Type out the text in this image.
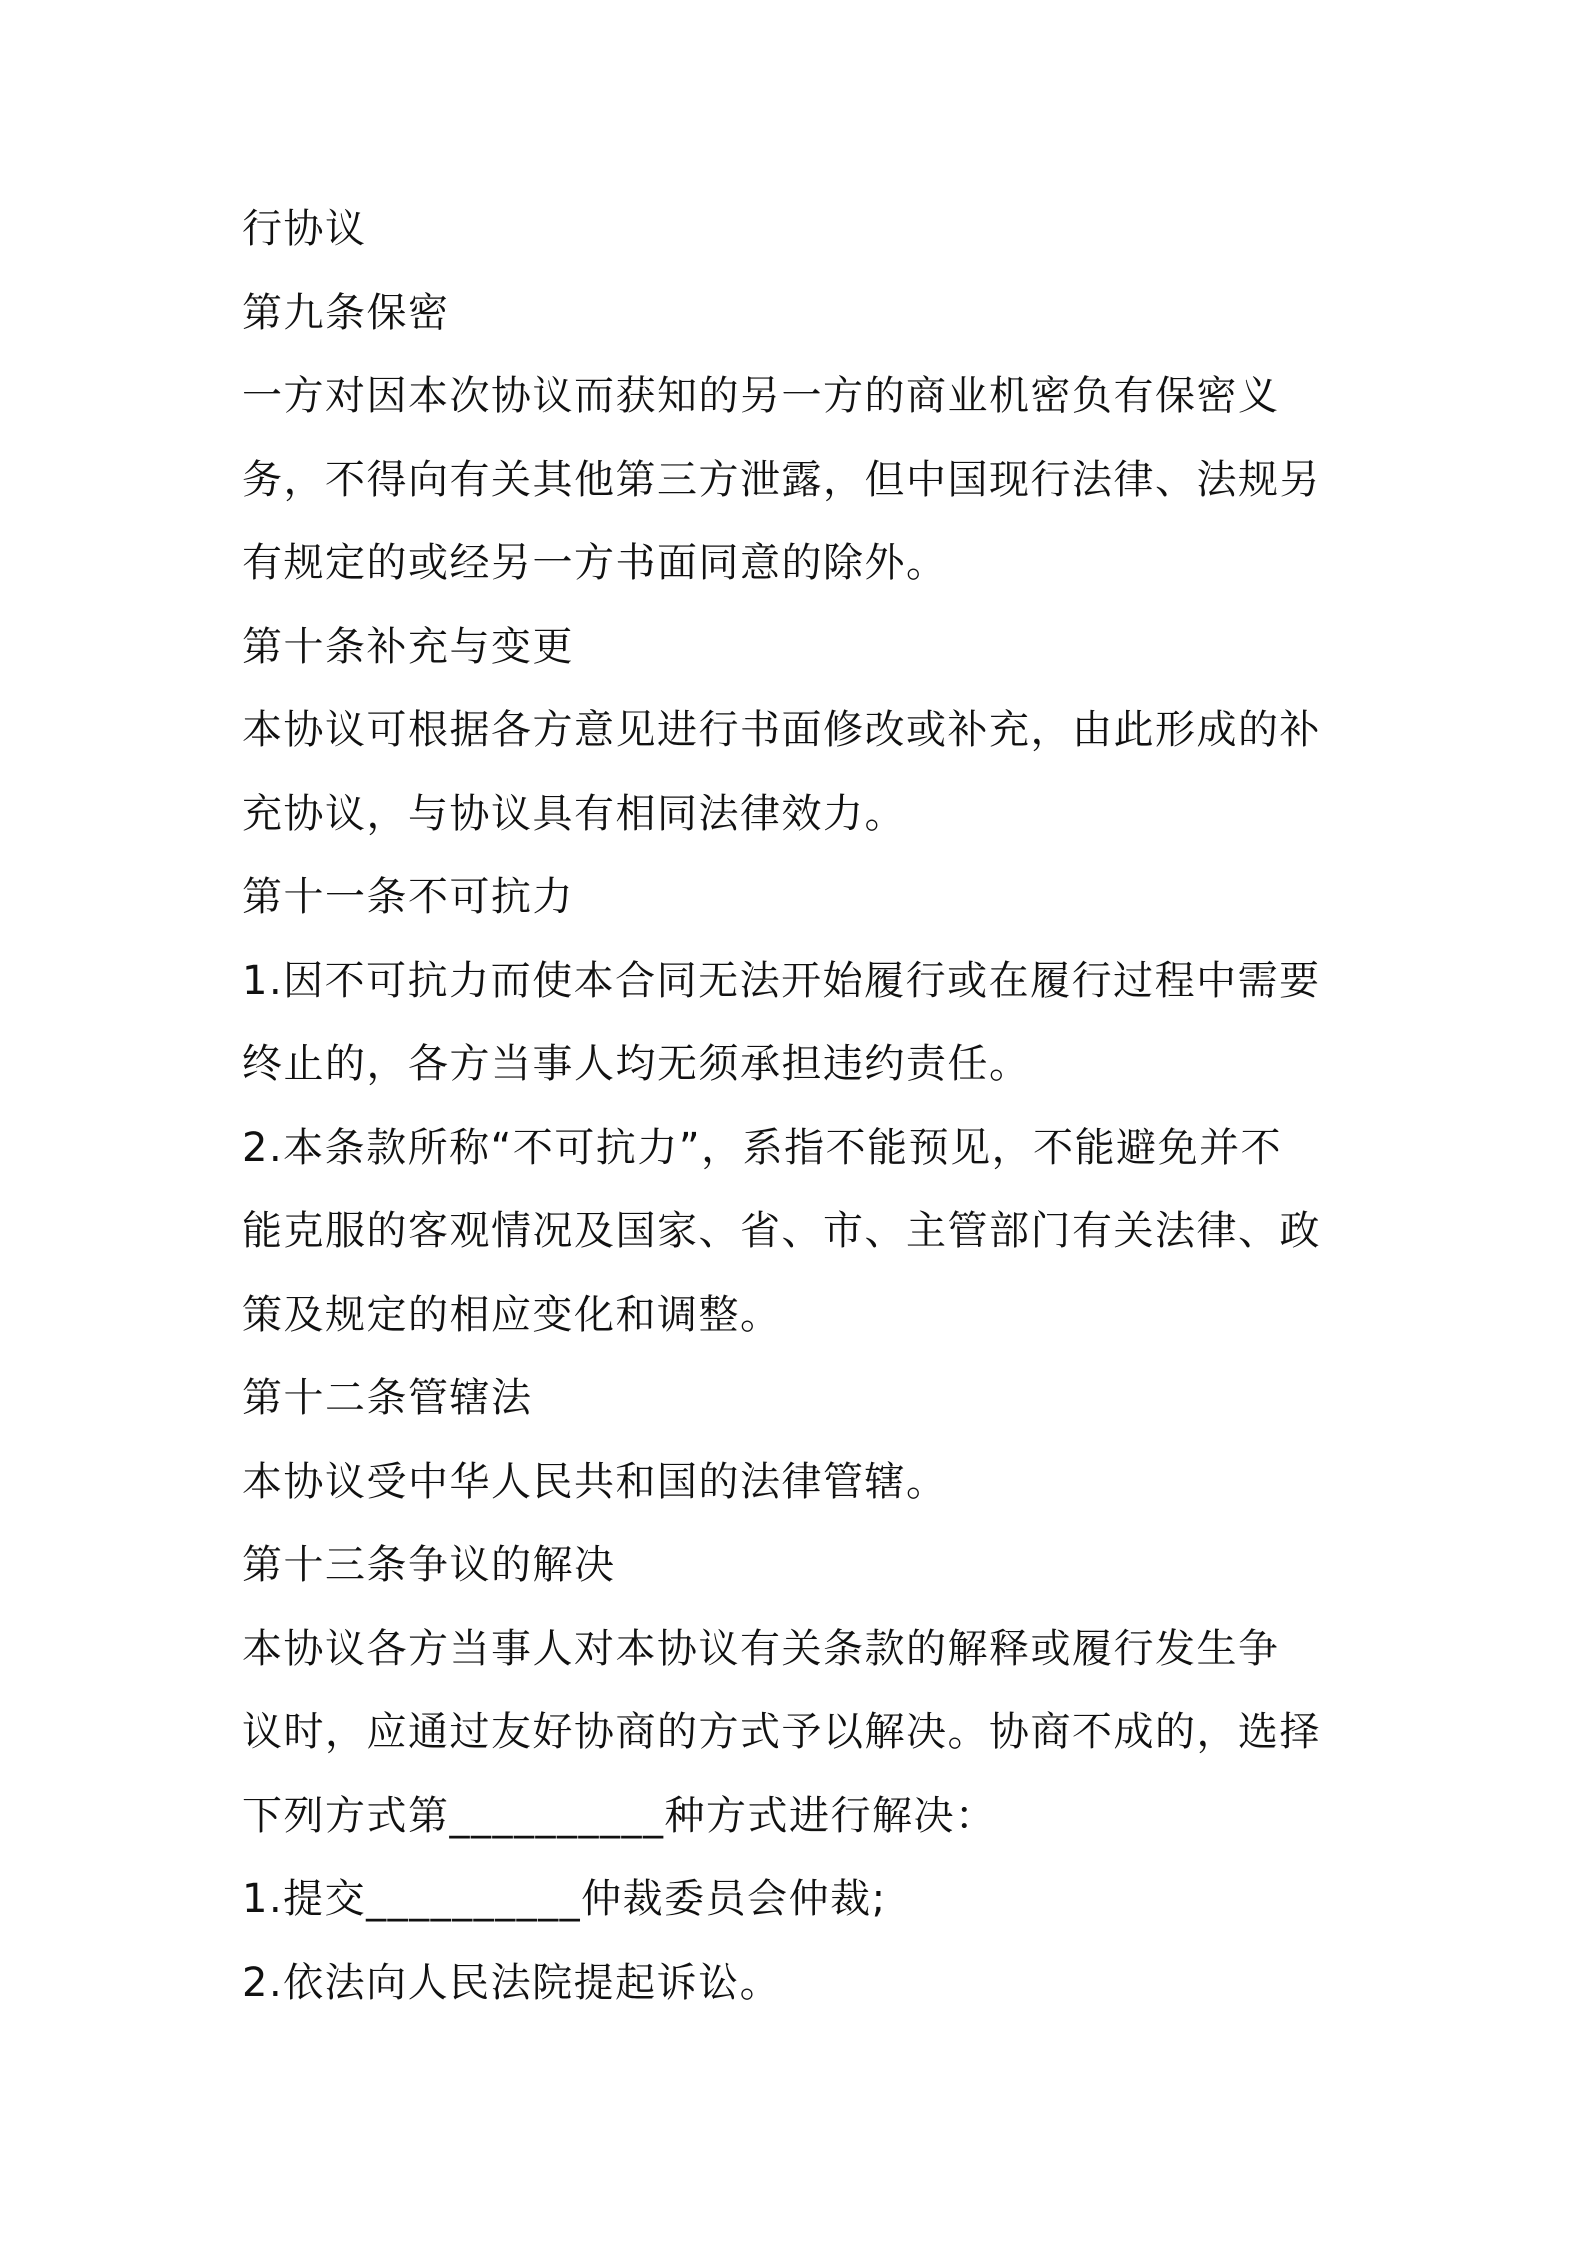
行协议
第九条保密
一方对因本次协议而获知的另一方的商业机密负有保密义
务，不得向有关其他第三方泄露，但中国现行法律、法规另
有规定的或经另一方书面同意的除外。
第十条补充与变更
本协议可根据各方意见进行书面修改或补充，由此形成的补
充协议，与协议具有相同法律效力。
第十一条不可抗力
1.因不可抗力而使本合同无法开始履行或在履行过程中需要
终止的，各方当事人均无须承担违约责任。
2.本条款所称“不可抗力”，系指不能预见，不能避免并不
能克服的客观情况及国家、省、市、主管部门有关法律、政
策及规定的相应变化和调整。
第十二条管辖法
本协议受中华人民共和国的法律管辖。
第十三条争议的解决
本协议各方当事人对本协议有关条款的解释或履行发生争
议时，应通过友好协商的方式予以解决。协商不成的，选择
下列方式第__________种方式进行解决：
1.提交__________仲裁委员会仲裁;
2.依法向人民法院提起诉讼。
